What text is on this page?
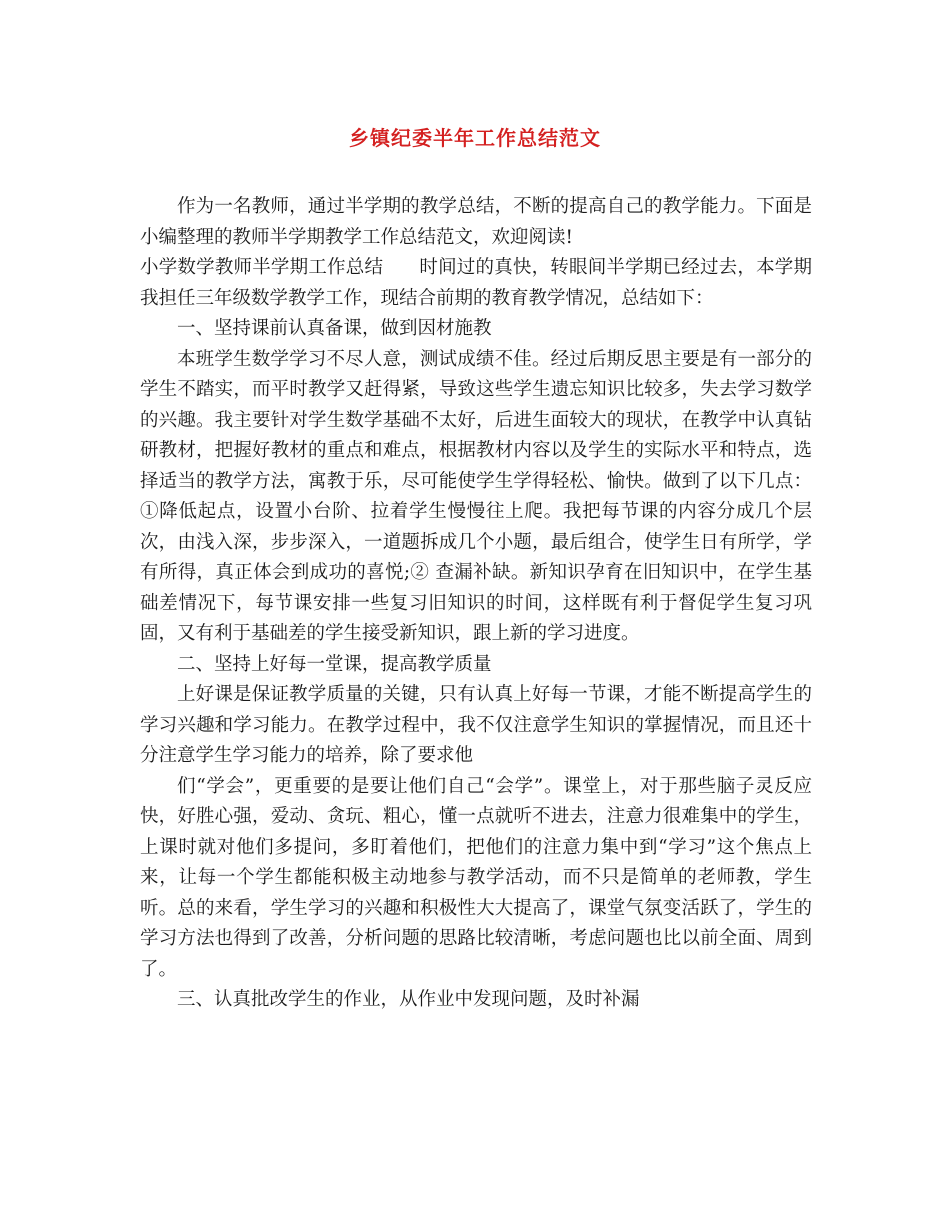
乡镇纪委半年工作总结范文

作为一名教师，通过半学期的教学总结，不断的提高自己的教学能力。下面是小编整理的教师半学期教学工作总结范文，欢迎阅读!

小学数学教师半学期工作总结 时间过的真快，转眼间半学期已经过去，本学期我担任三年级数学教学工作，现结合前期的教育教学情况，总结如下：

一、坚持课前认真备课，做到因材施教

本班学生数学学习不尽人意，测试成绩不佳。经过后期反思主要是有一部分的学生不踏实，而平时教学又赶得紧，导致这些学生遗忘知识比较多，失去学习数学的兴趣。我主要针对学生数学基础不太好，后进生面较大的现状，在教学中认真钻研教材，把握好教材的重点和难点，根据教材内容以及学生的实际水平和特点，选择适当的教学方法，寓教于乐，尽可能使学生学得轻松、愉快。做到了以下几点：①降低起点，设置小台阶、拉着学生慢慢往上爬。我把每节课的内容分成几个层次，由浅入深，步步深入，一道题拆成几个小题，最后组合，使学生日有所学，学有所得，真正体会到成功的喜悦;② 查漏补缺。新知识孕育在旧知识中，在学生基础差情况下，每节课安排一些复习旧知识的时间，这样既有利于督促学生复习巩固，又有利于基础差的学生接受新知识，跟上新的学习进度。

二、坚持上好每一堂课，提高教学质量

上好课是保证教学质量的关键，只有认真上好每一节课，才能不断提高学生的学习兴趣和学习能力。在教学过程中，我不仅注意学生知识的掌握情况，而且还十分注意学生学习能力的培养，除了要求他

们“学会”，更重要的是要让他们自己“会学”。课堂上，对于那些脑子灵反应快，好胜心强，爱动、贪玩、粗心，懂一点就听不进去，注意力很难集中的学生，上课时就对他们多提问，多盯着他们，把他们的注意力集中到“学习”这个焦点上来，让每一个学生都能积极主动地参与教学活动，而不只是简单的老师教，学生听。总的来看，学生学习的兴趣和积极性大大提高了，课堂气氛变活跃了，学生的学习方法也得到了改善，分析问题的思路比较清晰，考虑问题也比以前全面、周到了。

三、认真批改学生的作业，从作业中发现问题，及时补漏
